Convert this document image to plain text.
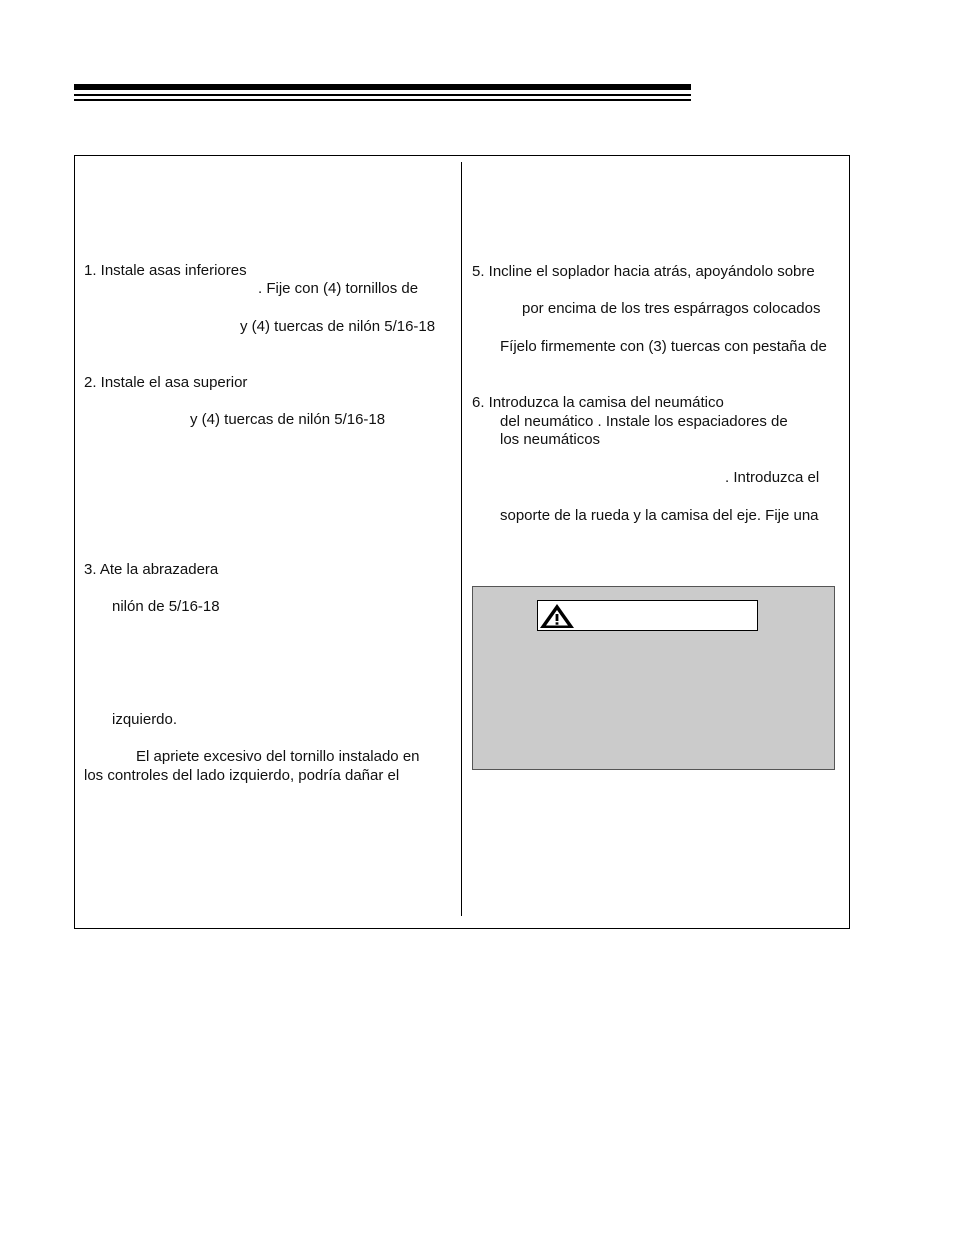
1. Instale asas inferiores
. Fije con (4) tornillos de
y (4) tuercas de nilón 5/16-18
2. Instale el asa superior
y (4) tuercas de nilón 5/16-18
3. Ate la abrazadera
nilón de 5/16-18
izquierdo.
El apriete excesivo del tornillo instalado en
los controles del lado izquierdo, podría dañar el
5. Incline el soplador hacia atrás, apoyándolo sobre
por encima de los tres espárragos colocados
Fíjelo firmemente con (3) tuercas con pestaña de
6. Introduzca la camisa del neumático
del neumático . Instale los espaciadores de
los neumáticos
. Introduzca el
soporte de la rueda y la camisa del eje. Fije una
